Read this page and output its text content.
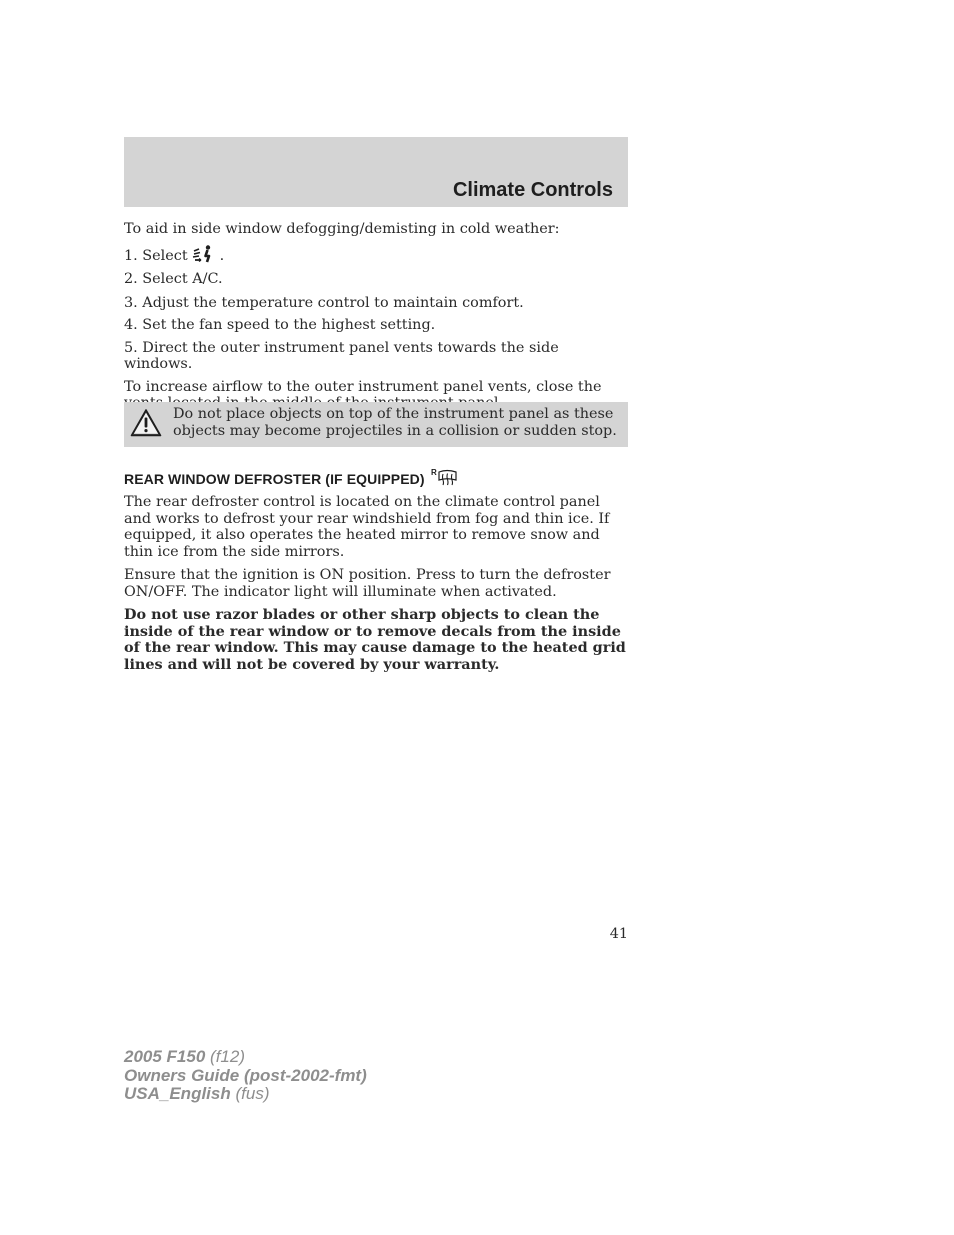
Climate Controls

To aid in side window defogging/demisting in cold weather:

1. Select .

2. Select A/C.

3. Adjust the temperature control to maintain comfort.

4. Set the fan speed to the highest setting.

5. Direct the outer instrument panel vents towards the side windows.

To increase airflow to the outer instrument panel vents, close the

Do not place objects on top of the instrument panel as these objects may become projectiles in a collision or sudden stop.
REAR WINDOW DEFROSTER (IF EQUIPPED) R

The rear defroster control is located on the climate control panel and works to defrost your rear windshield from fog and thin ice. If equipped, it also operates the heated mirror to remove snow and thin ice from the side mirrors.

Ensure that the ignition is ON position. Press to turn the defroster ON/OFF. The indicator light will illuminate when activated.

Do not use razor blades or other sharp objects to clean the inside of the rear window or to remove decals from the inside of the rear window. This may cause damage to the heated grid lines and will not be covered by your warranty.

41
2005 F150 (f12)
Owners Guide (post-2002-fmt)
USA_English (fus)
